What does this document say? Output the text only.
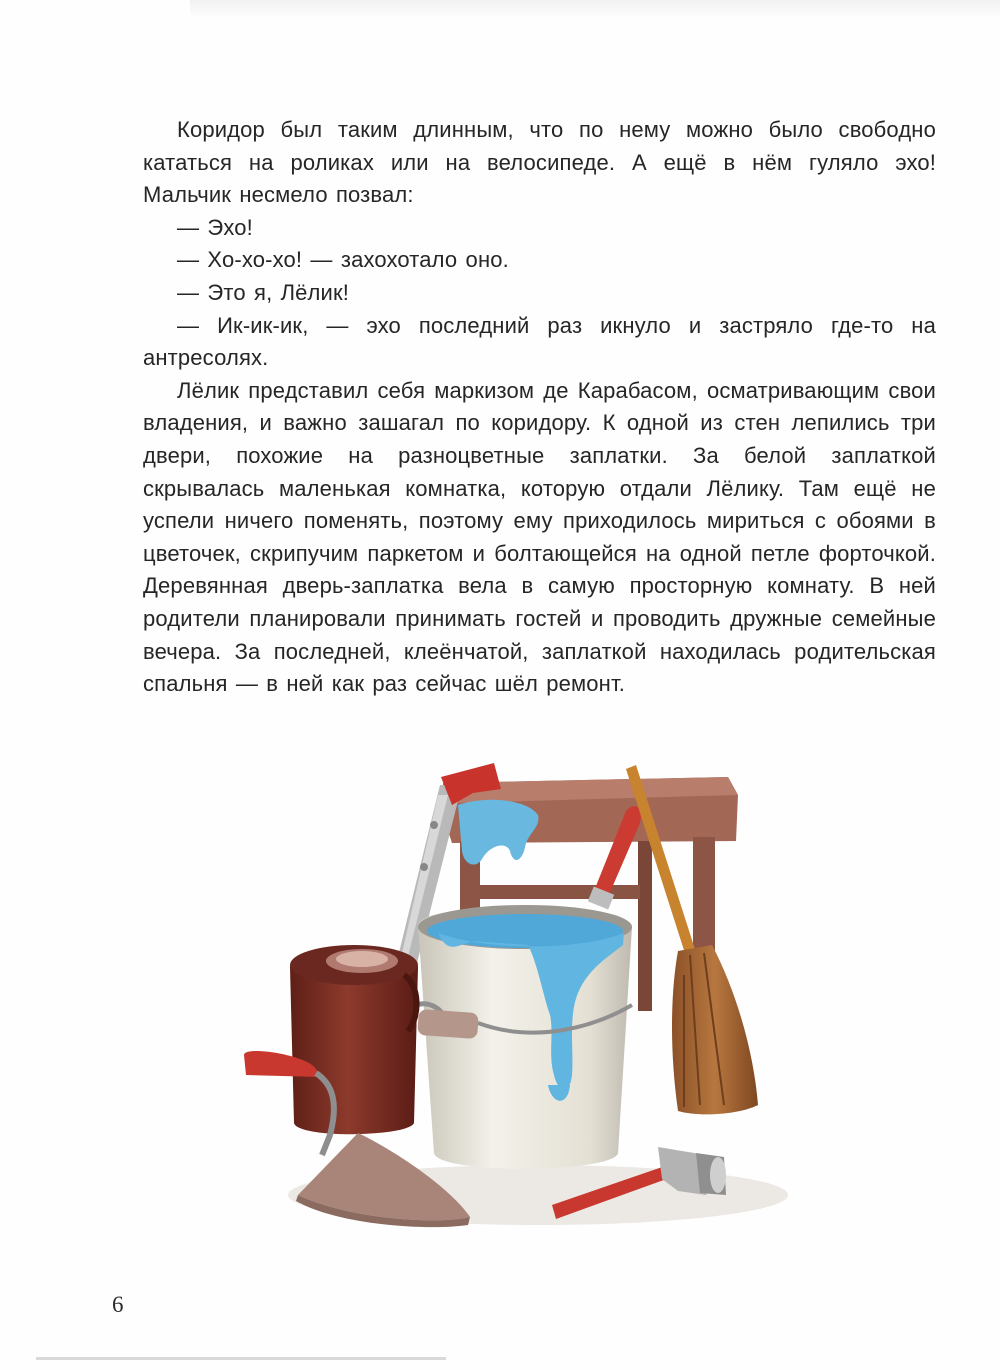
Коридор был таким длинным, что по нему можно было свободно кататься на роликах или на велосипеде. А ещё в нём гуляло эхо! Мальчик несмело позвал:

— Эхо!

— Хо-хо-хо! — захохотало оно.

— Это я, Лёлик!

— Ик-ик-ик, — эхо последний раз икнуло и застряло где-то на антресолях.

Лёлик представил себя маркизом де Карабасом, осматривающим свои владения, и важно зашагал по коридору. К одной из стен лепились три двери, похожие на разноцветные заплатки. За белой заплаткой скрывалась маленькая комнатка, которую отдали Лёлику. Там ещё не успели ничего поменять, поэтому ему приходилось мириться с обоями в цветочек, скрипучим паркетом и болтающейся на одной петле форточкой. Деревянная дверь-заплатка вела в самую просторную комнату. В ней родители планировали принимать гостей и проводить дружные семейные вечера. За последней, клеёнчатой, заплаткой находилась родительская спальня — в ней как раз сейчас шёл ремонт.

6
